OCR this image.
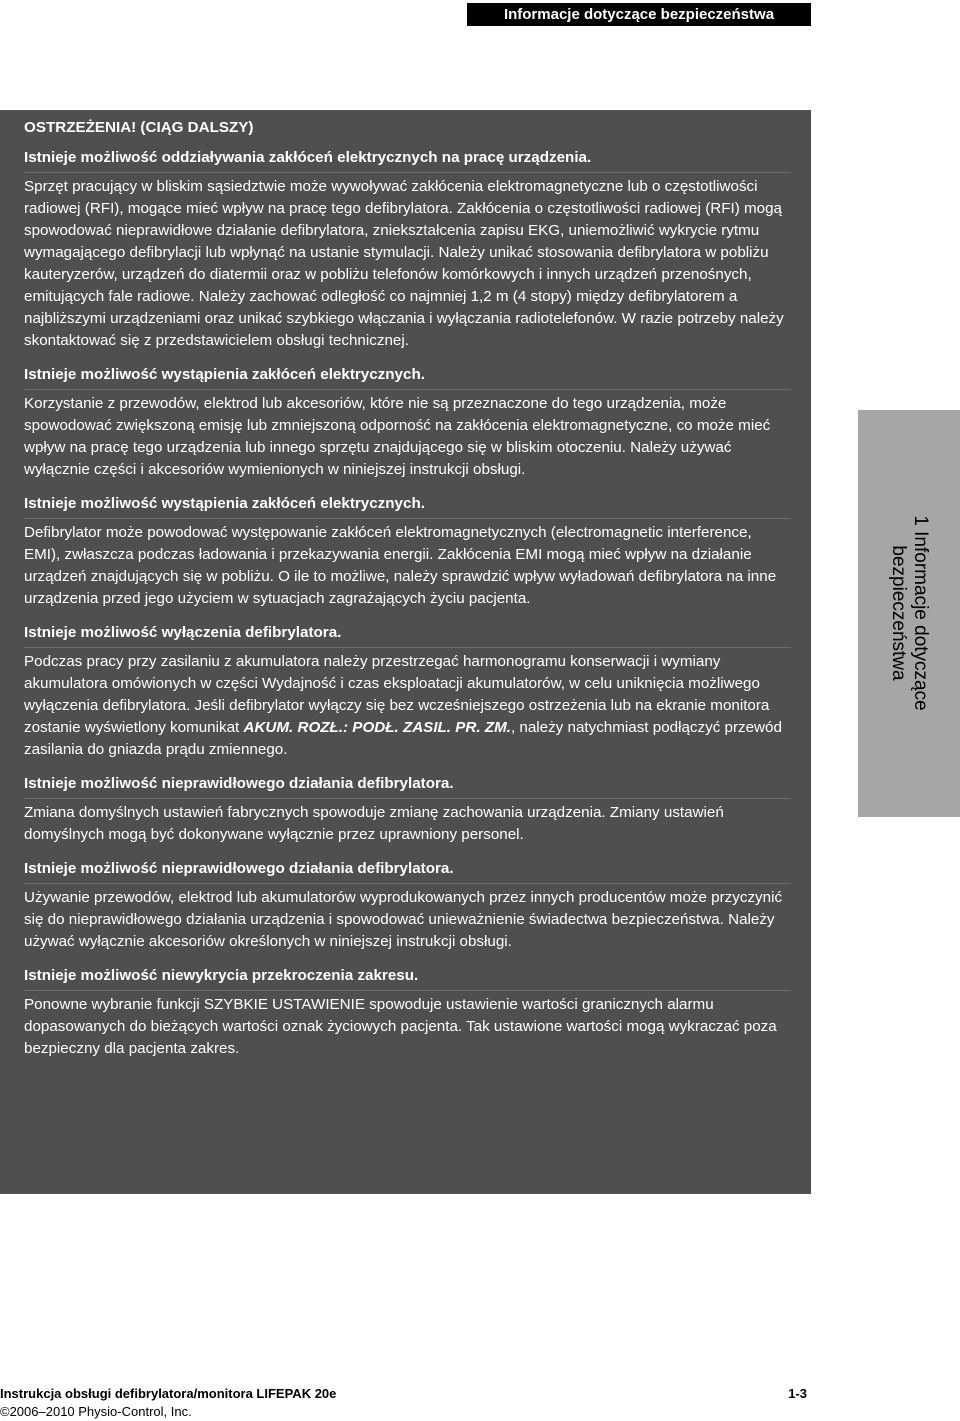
Informacje dotyczące bezpieczeństwa

OSTRZEŻENIA! (CIĄG DALSZY)

Istnieje możliwość oddziaływania zakłóceń elektrycznych na pracę urządzenia.

Sprzęt pracujący w bliskim sąsiedztwie może wywoływać zakłócenia elektromagnetyczne lub o częstotliwości radiowej (RFI), mogące mieć wpływ na pracę tego defibrylatora. Zakłócenia o częstotliwości radiowej (RFI) mogą spowodować nieprawidłowe działanie defibrylatora, zniekształcenia zapisu EKG, uniemożliwić wykrycie rytmu wymagającego defibrylacji lub wpłynąć na ustanie stymulacji. Należy unikać stosowania defibrylatora w pobliżu kauteryzerów, urządzeń do diatermii oraz w pobliżu telefonów komórkowych i innych urządzeń przenośnych, emitujących fale radiowe. Należy zachować odległość co najmniej 1,2 m (4 stopy) między defibrylatorem a najbliższymi urządzeniami oraz unikać szybkiego włączania i wyłączania radiotelefonów. W razie potrzeby należy skontaktować się z przedstawicielem obsługi technicznej.

Istnieje możliwość wystąpienia zakłóceń elektrycznych.

Korzystanie z przewodów, elektrod lub akcesoriów, które nie są przeznaczone do tego urządzenia, może spowodować zwiększoną emisję lub zmniejszoną odporność na zakłócenia elektromagnetyczne, co może mieć wpływ na pracę tego urządzenia lub innego sprzętu znajdującego się w bliskim otoczeniu. Należy używać wyłącznie części i akcesoriów wymienionych w niniejszej instrukcji obsługi.

Istnieje możliwość wystąpienia zakłóceń elektrycznych.

Defibrylator może powodować występowanie zakłóceń elektromagnetycznych (electromagnetic interference, EMI), zwłaszcza podczas ładowania i przekazywania energii. Zakłócenia EMI mogą mieć wpływ na działanie urządzeń znajdujących się w pobliżu. O ile to możliwe, należy sprawdzić wpływ wyładowań defibrylatora na inne urządzenia przed jego użyciem w sytuacjach zagrażających życiu pacjenta.

Istnieje możliwość wyłączenia defibrylatora.

Podczas pracy przy zasilaniu z akumulatora należy przestrzegać harmonogramu konserwacji i wymiany akumulatora omówionych w części Wydajność i czas eksploatacji akumulatorów, w celu uniknięcia możliwego wyłączenia defibrylatora. Jeśli defibrylator wyłączy się bez wcześniejszego ostrzeżenia lub na ekranie monitora zostanie wyświetlony komunikat AKUM. ROZŁ.: PODŁ. ZASIL. PR. ZM., należy natychmiast podłączyć przewód zasilania do gniazda prądu zmiennego.

Istnieje możliwość nieprawidłowego działania defibrylatora.

Zmiana domyślnych ustawień fabrycznych spowoduje zmianę zachowania urządzenia. Zmiany ustawień domyślnych mogą być dokonywane wyłącznie przez uprawniony personel.

Istnieje możliwość nieprawidłowego działania defibrylatora.

Używanie przewodów, elektrod lub akumulatorów wyprodukowanych przez innych producentów może przyczynić się do nieprawidłowego działania urządzenia i spowodować unieważnienie świadectwa bezpieczeństwa. Należy używać wyłącznie akcesoriów określonych w niniejszej instrukcji obsługi.

Istnieje możliwość niewykrycia przekroczenia zakresu.

Ponowne wybranie funkcji SZYBKIE USTAWIENIE spowoduje ustawienie wartości granicznych alarmu dopasowanych do bieżących wartości oznak życiowych pacjenta. Tak ustawione wartości mogą wykraczać poza bezpieczny dla pacjenta zakres.

1 Informacje dotyczące
bezpieczeństwa
Instrukcja obsługi defibrylatora/monitora LIFEPAK 20e	1-3
©2006–2010 Physio-Control, Inc.
